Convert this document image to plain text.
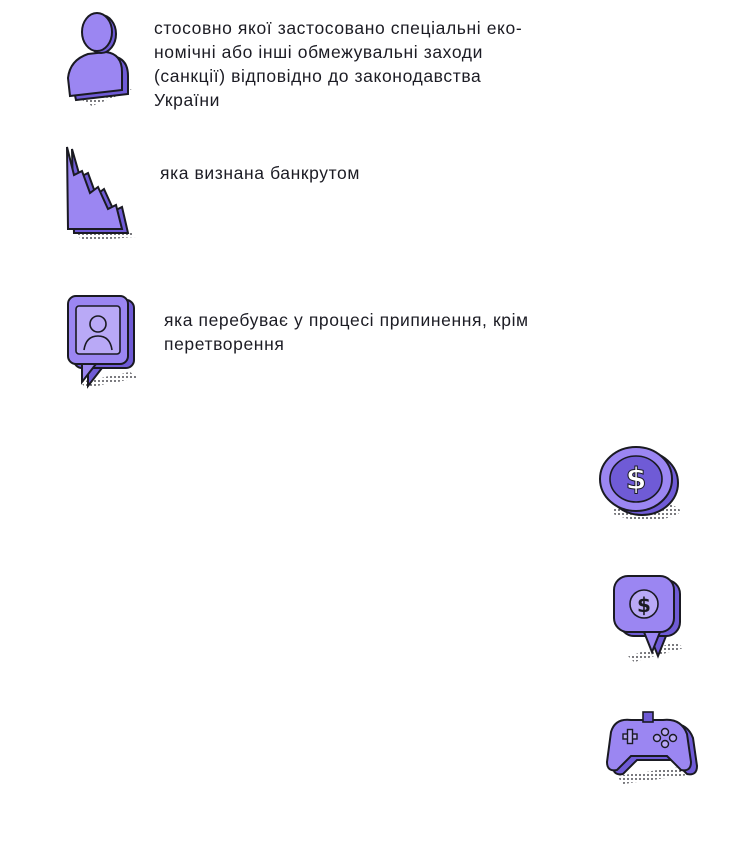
стосовно якої застосовано спеціальні еко-
номічні або інші обмежувальні заходи
(санкції) відповідно до законодавства
України
яка визнана банкрутом
яка перебуває у процесі припинення, крім
перетворення
$
$
